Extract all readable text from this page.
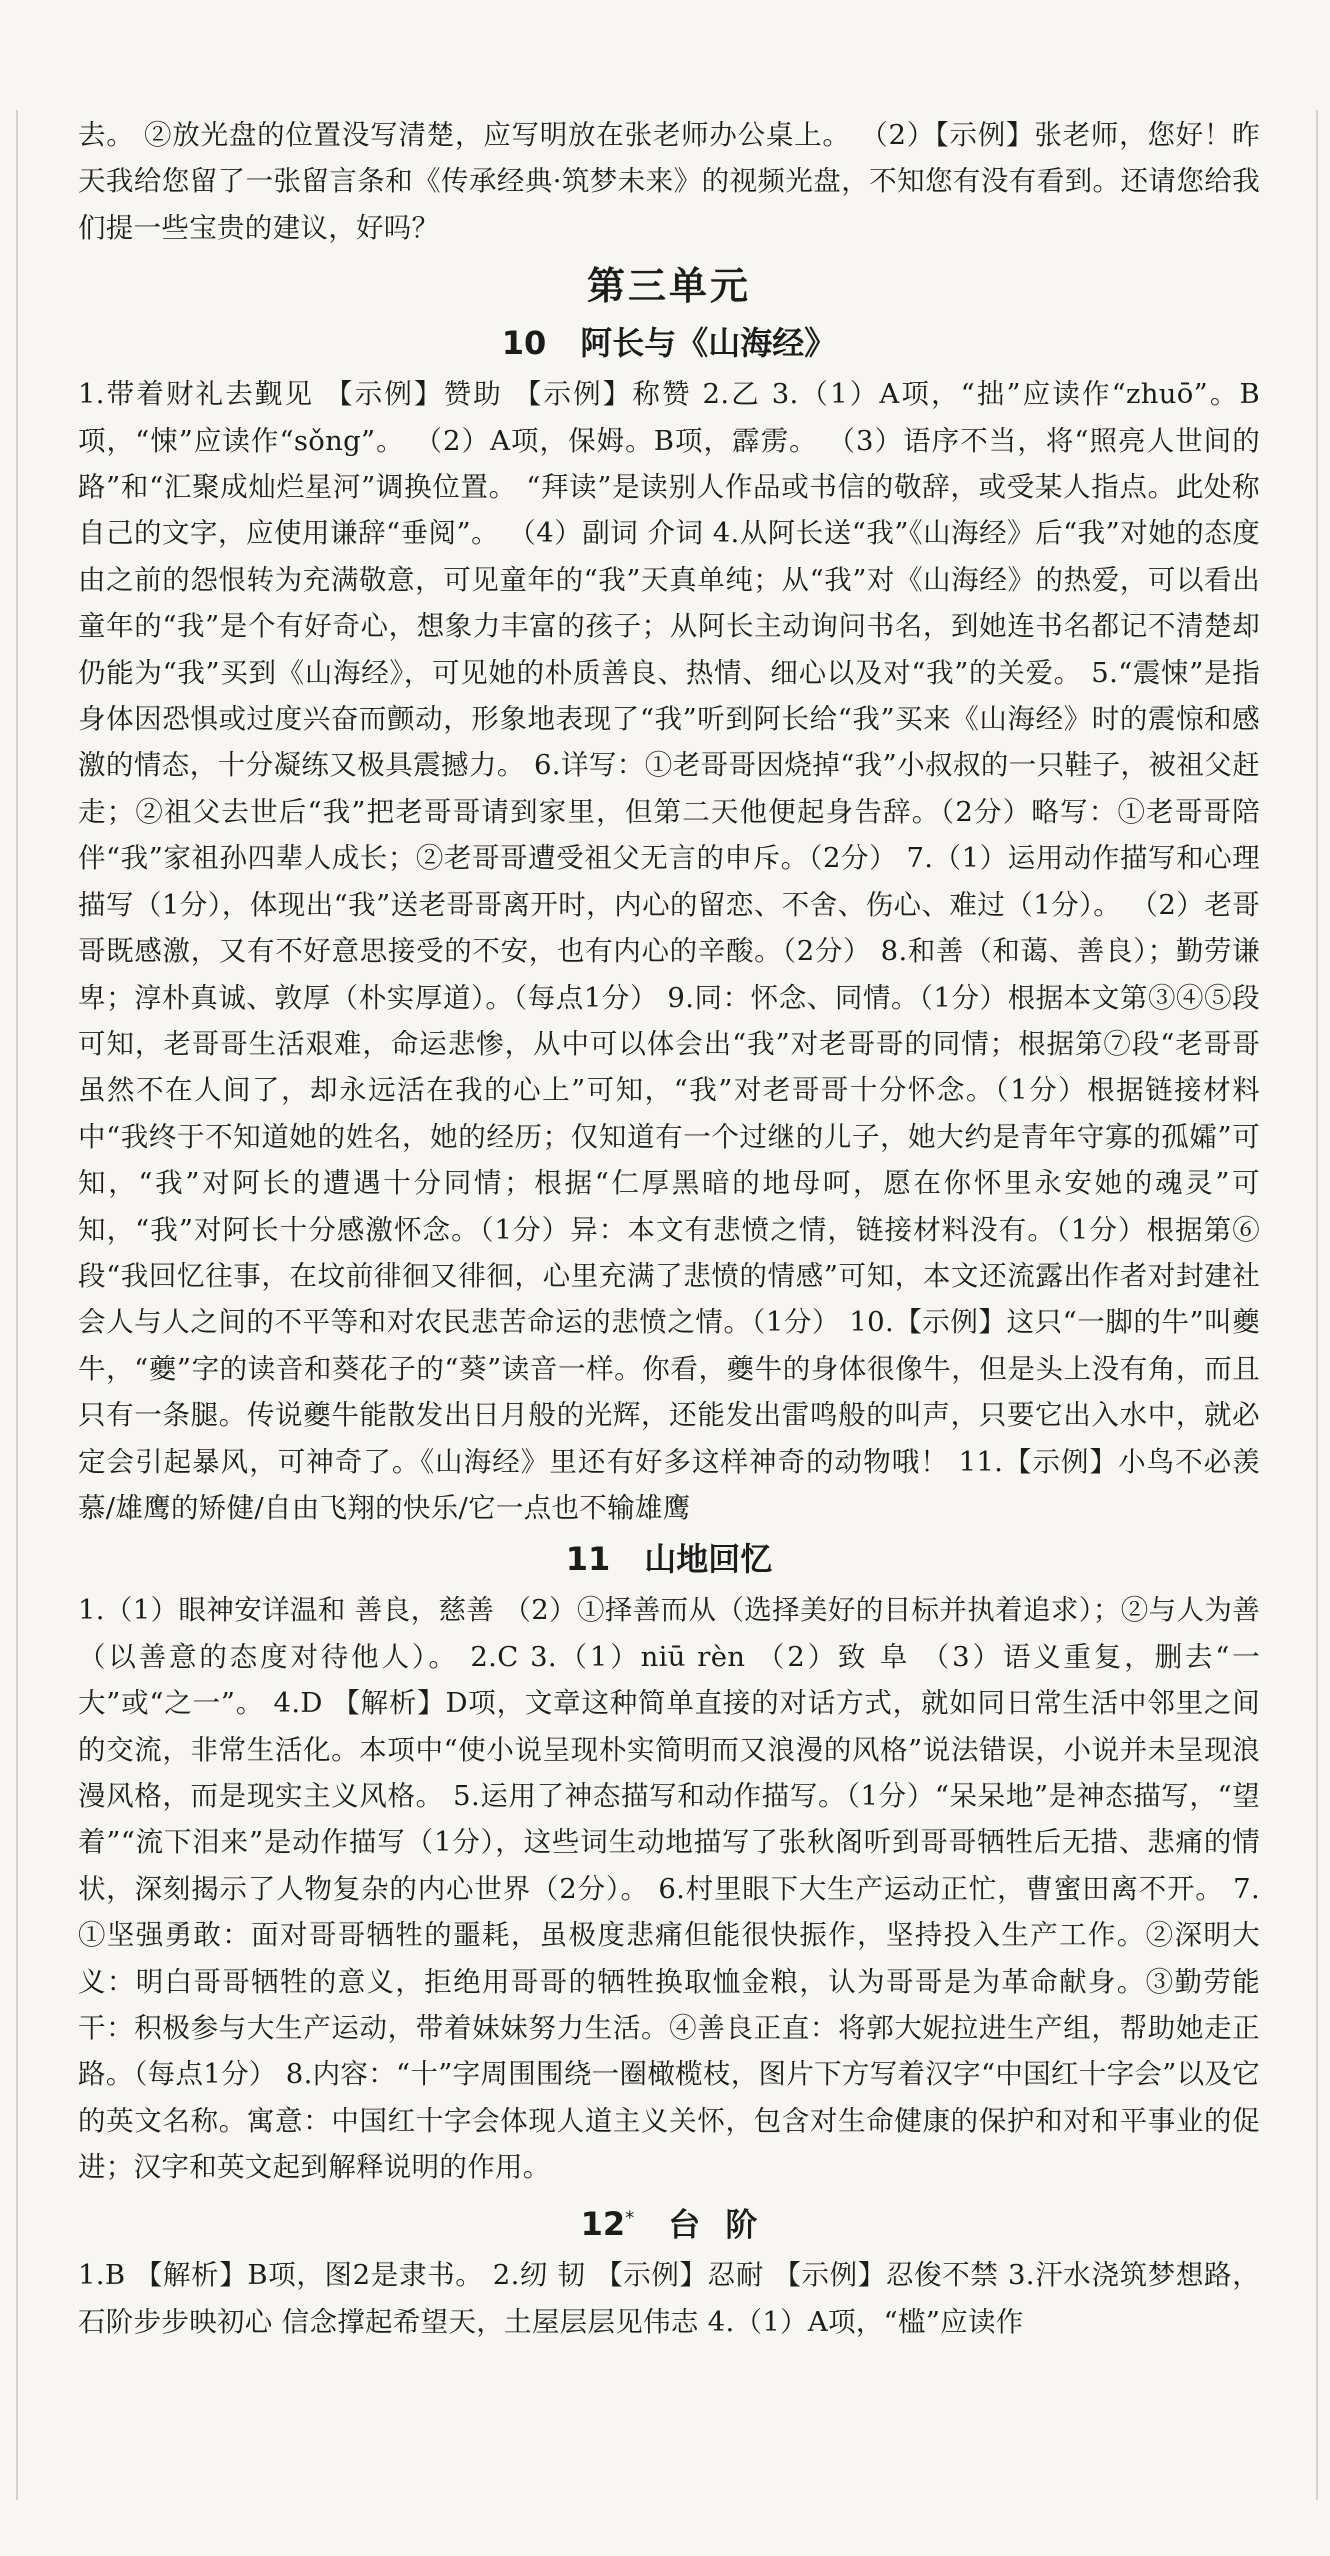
去。 ②放光盘的位置没写清楚，应写明放在张老师办公桌上。 （2）【示例】张老师，您好！昨天我给您留了一张留言条和《传承经典·筑梦未来》的视频光盘，不知您有没有看到。还请您给我们提一些宝贵的建议，好吗？

第三单元
10 阿长与《山海经》

1.带着财礼去觐见 【示例】赞助 【示例】称赞 2.乙 3.（1）A项，“拙”应读作“zhuō”。B项，“悚”应读作“sǒng”。 （2）A项，保姆。B项，霹雳。 （3）语序不当，将“照亮人世间的路”和“汇聚成灿烂星河”调换位置。 “拜读”是读别人作品或书信的敬辞，或受某人指点。此处称自己的文字，应使用谦辞“垂阅”。 （4）副词 介词 4.从阿长送“我”《山海经》后“我”对她的态度由之前的怨恨转为充满敬意，可见童年的“我”天真单纯；从“我”对《山海经》的热爱，可以看出童年的“我”是个有好奇心，想象力丰富的孩子；从阿长主动询问书名，到她连书名都记不清楚却仍能为“我”买到《山海经》，可见她的朴质善良、热情、细心以及对“我”的关爱。 5.“震悚”是指身体因恐惧或过度兴奋而颤动，形象地表现了“我”听到阿长给“我”买来《山海经》时的震惊和感激的情态，十分凝练又极具震撼力。 6.详写：①老哥哥因烧掉“我”小叔叔的一只鞋子，被祖父赶走；②祖父去世后“我”把老哥哥请到家里，但第二天他便起身告辞。（2分）略写：①老哥哥陪伴“我”家祖孙四辈人成长；②老哥哥遭受祖父无言的申斥。（2分） 7.（1）运用动作描写和心理描写（1分），体现出“我”送老哥哥离开时，内心的留恋、不舍、伤心、难过（1分）。 （2）老哥哥既感激，又有不好意思接受的不安，也有内心的辛酸。（2分） 8.和善（和蔼、善良）；勤劳谦卑；淳朴真诚、敦厚（朴实厚道）。（每点1分） 9.同：怀念、同情。（1分）根据本文第③④⑤段可知，老哥哥生活艰难，命运悲惨，从中可以体会出“我”对老哥哥的同情；根据第⑦段“老哥哥虽然不在人间了，却永远活在我的心上”可知，“我”对老哥哥十分怀念。（1分）根据链接材料中“我终于不知道她的姓名，她的经历；仅知道有一个过继的儿子，她大约是青年守寡的孤孀”可知，“我”对阿长的遭遇十分同情；根据“仁厚黑暗的地母呵，愿在你怀里永安她的魂灵”可知，“我”对阿长十分感激怀念。（1分）异：本文有悲愤之情，链接材料没有。（1分）根据第⑥段“我回忆往事，在坟前徘徊又徘徊，心里充满了悲愤的情感”可知，本文还流露出作者对封建社会人与人之间的不平等和对农民悲苦命运的悲愤之情。（1分） 10.【示例】这只“一脚的牛”叫夔牛，“夔”字的读音和葵花子的“葵”读音一样。你看，夔牛的身体很像牛，但是头上没有角，而且只有一条腿。传说夔牛能散发出日月般的光辉，还能发出雷鸣般的叫声，只要它出入水中，就必定会引起暴风，可神奇了。《山海经》里还有好多这样神奇的动物哦！ 11.【示例】小鸟不必羡慕/雄鹰的矫健/自由飞翔的快乐/它一点也不输雄鹰

11 山地回忆

1.（1）眼神安详温和 善良，慈善 （2）①择善而从（选择美好的目标并执着追求）；②与人为善（以善意的态度对待他人）。 2.C 3.（1）niū rèn （2）致 阜 （3）语义重复，删去“一大”或“之一”。 4.D 【解析】D项，文章这种简单直接的对话方式，就如同日常生活中邻里之间的交流，非常生活化。本项中“使小说呈现朴实简明而又浪漫的风格”说法错误，小说并未呈现浪漫风格，而是现实主义风格。 5.运用了神态描写和动作描写。（1分）“呆呆地”是神态描写，“望着”“流下泪来”是动作描写（1分），这些词生动地描写了张秋阁听到哥哥牺牲后无措、悲痛的情状，深刻揭示了人物复杂的内心世界（2分）。 6.村里眼下大生产运动正忙，曹蜜田离不开。 7.①坚强勇敢：面对哥哥牺牲的噩耗，虽极度悲痛但能很快振作，坚持投入生产工作。②深明大义：明白哥哥牺牲的意义，拒绝用哥哥的牺牲换取恤金粮，认为哥哥是为革命献身。③勤劳能干：积极参与大生产运动，带着妹妹努力生活。④善良正直：将郭大妮拉进生产组，帮助她走正路。（每点1分） 8.内容：“十”字周围围绕一圈橄榄枝，图片下方写着汉字“中国红十字会”以及它的英文名称。寓意：中国红十字会体现人道主义关怀，包含对生命健康的保护和对和平事业的促进；汉字和英文起到解释说明的作用。

12* 台 阶

1.B 【解析】B项，图2是隶书。 2.纫 韧 【示例】忍耐 【示例】忍俊不禁 3.汗水浇筑梦想路，石阶步步映初心 信念撑起希望天，土屋层层见伟志 4.（1）A项，“槛”应读作
